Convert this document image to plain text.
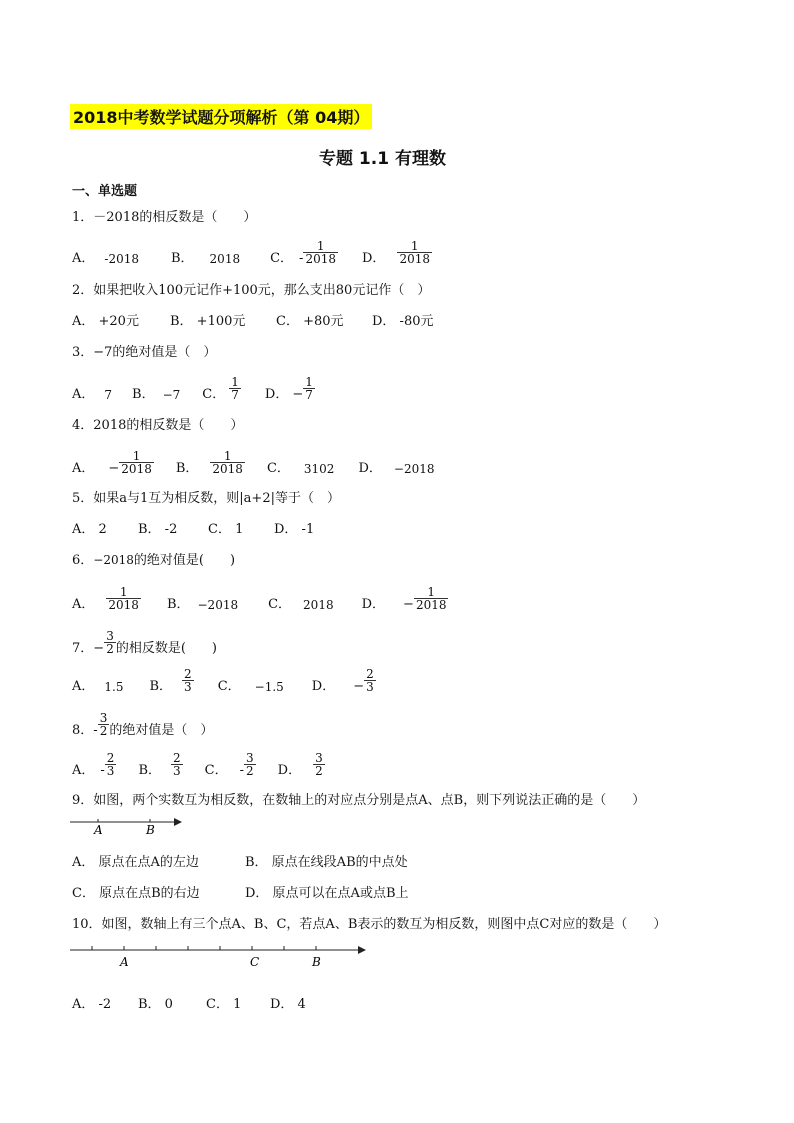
2018中考数学试题分项解析（第 04期）
专题 1.1 有理数
一、单选题
1．－2018的相反数是（　　）
A． -2018 B． 2018 C． - $\frac{1}{2018}$ D． $\frac{1}{2018}$
2．如果把收入100元记作+100元，那么支出80元记作（　）
A． +20元 B． +100元 C． +80元 D． -80元
3．−7的绝对值是（　）
A． 7 B． −7 C． $\frac{1}{7}$ D． − $\frac{1}{7}$
4．2018的相反数是（　　）
A． − $\frac{1}{2018}$ B． $\frac{1}{2018}$ C． 3102 D． −2018
5．如果a与1互为相反数，则|a+2|等于（　）
A． 2 B． -2 C． 1 D． -1
6．−2018的绝对值是(　　)
A． $\frac{1}{2018}$ B． −2018 C． 2018 D． − $\frac{1}{2018}$
7． − $\frac{3}{2}$ 的相反数是(　　)
A． 1.5 B． $\frac{2}{3}$ C． −1.5 D． − $\frac{2}{3}$
8． - $\frac{3}{2}$ 的绝对值是（　）
A． - $\frac{2}{3}$ B． $\frac{2}{3}$ C． - $\frac{3}{2}$ D． $\frac{3}{2}$
9．如图，两个实数互为相反数，在数轴上的对应点分别是点A、点B，则下列说法正确的是（　　）
A	B
A． 原点在点A的左边	B． 原点在线段AB的中点处
C． 原点在点B的右边	D． 原点可以在点A或点B上
10．如图，数轴上有三个点A、B、C，若点A、B表示的数互为相反数，则图中点C对应的数是（　　）
A	C	B
A． -2 B． 0	C． 1 D． 4
